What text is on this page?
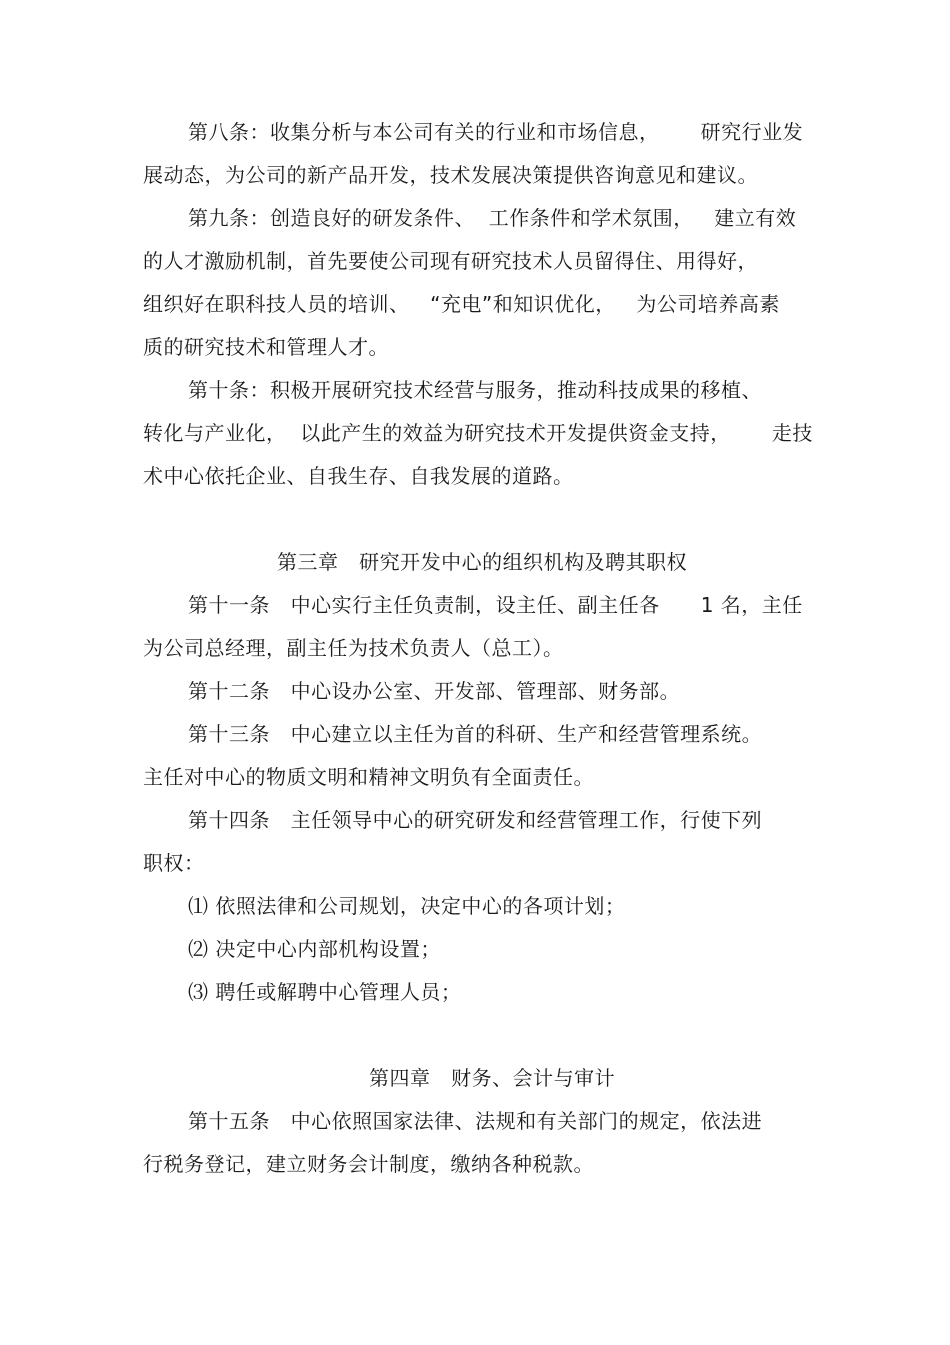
第八条：收集分析与本公司有关的行业和市场信息，      研究行业发
展动态，为公司的新产品开发，技术发展决策提供咨询意见和建议。
第九条：创造良好的研发条件、  工作条件和学术氛围，   建立有效
的人才激励机制，首先要使公司现有研究技术人员留得住、用得好，
组织好在职科技人员的培训、   “充电”和知识优化，   为公司培养高素
质的研究技术和管理人才。
第十条：积极开展研究技术经营与服务，推动科技成果的移植、
转化与产业化，  以此产生的效益为研究技术开发提供资金支持，      走技
术中心依托企业、自我生存、自我发展的道路。
第三章   研究开发中心的组织机构及聘其职权
第十一条   中心实行主任负责制，设主任、副主任各      1 名，主任
为公司总经理，副主任为技术负责人（总工）。
第十二条   中心设办公室、开发部、管理部、财务部。
第十三条   中心建立以主任为首的科研、生产和经营管理系统。
主任对中心的物质文明和精神文明负有全面责任。
第十四条   主任领导中心的研究研发和经营管理工作，行使下列
职权：
⑴ 依照法律和公司规划，决定中心的各项计划；
⑵ 决定中心内部机构设置；
⑶ 聘任或解聘中心管理人员；
第四章   财务、会计与审计
第十五条   中心依照国家法律、法规和有关部门的规定，依法进
行税务登记，建立财务会计制度，缴纳各种税款。
